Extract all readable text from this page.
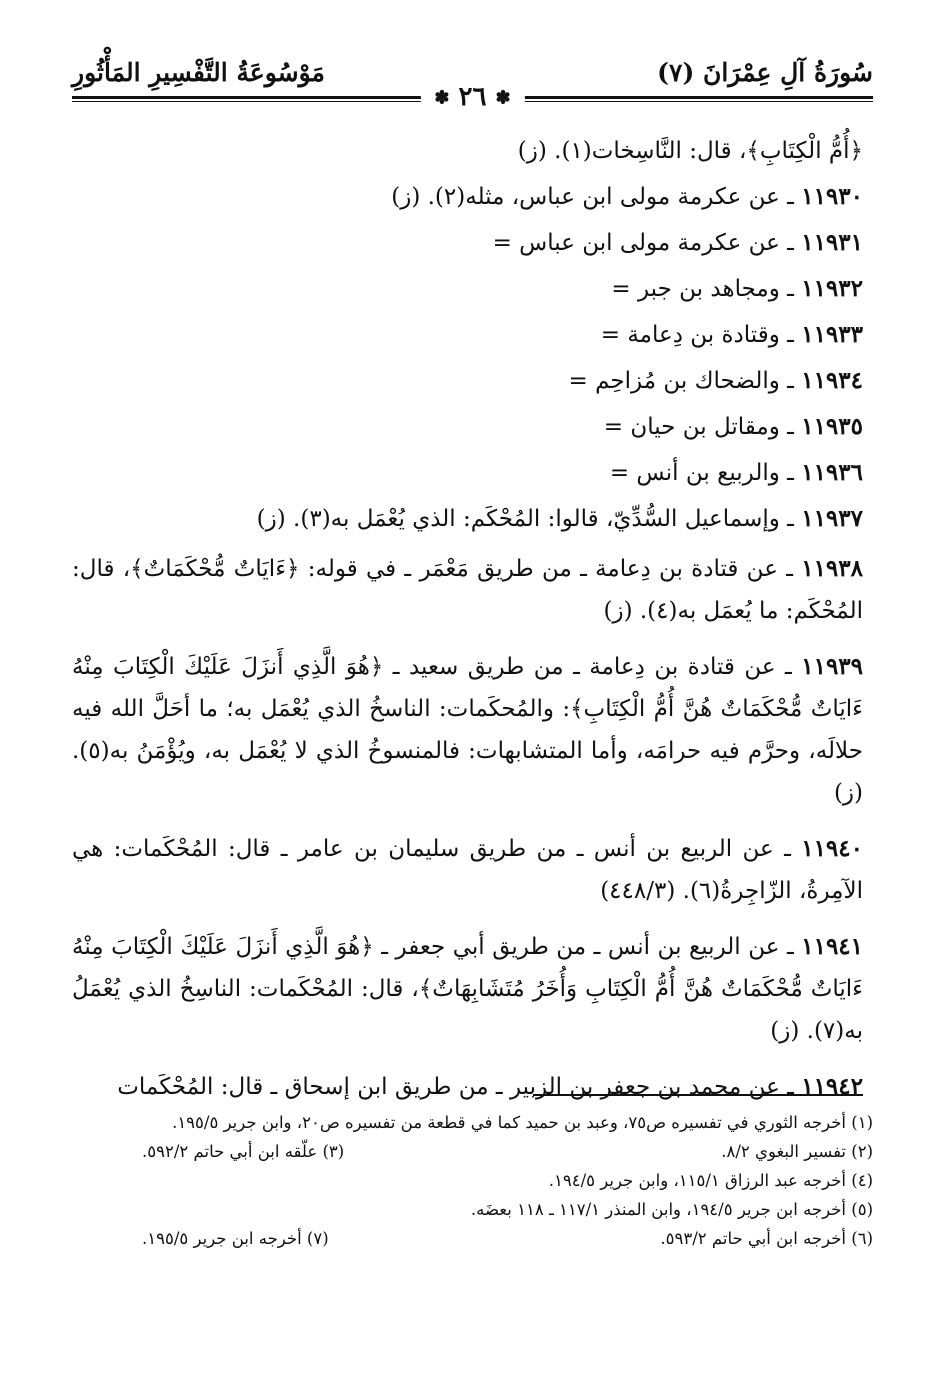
سُورَةُ آلِ عِمْرَانَ (٧)
مَوْسُوعَةُ التَّفْسِيرِ المَأْثُورِ
✽ ٢٦ ✽
﴿أُمُّ الْكِتَابِ﴾، قال: النَّاسِخات(١). (ز)
١١٩٣٠ ـ عن عكرمة مولى ابن عباس، مثله(٢). (ز)
١١٩٣١ ـ عن عكرمة مولى ابن عباس =
١١٩٣٢ ـ ومجاهد بن جبر =
١١٩٣٣ ـ وقتادة بن دِعامة =
١١٩٣٤ ـ والضحاك بن مُزاحِم =
١١٩٣٥ ـ ومقاتل بن حيان =
١١٩٣٦ ـ والربيع بن أنس =
١١٩٣٧ ـ وإسماعيل السُّدِّيّ، قالوا: المُحْكَم: الذي يُعْمَل به(٣). (ز)
١١٩٣٨ ـ عن قتادة بن دِعامة ـ من طريق مَعْمَر ـ في قوله: ﴿ءَايَاتٌ مُّحْكَمَاتٌ﴾، قال: المُحْكَم: ما يُعمَل به(٤). (ز)
١١٩٣٩ ـ عن قتادة بن دِعامة ـ من طريق سعيد ـ ﴿هُوَ الَّذِي أَنزَلَ عَلَيْكَ الْكِتَابَ مِنْهُ ءَايَاتٌ مُّحْكَمَاتٌ هُنَّ أُمُّ الْكِتَابِ﴾: والمُحكَمات: الناسخُ الذي يُعْمَل به؛ ما أحَلَّ الله فيه حلالَه، وحرَّم فيه حرامَه، وأما المتشابهات: فالمنسوخُ الذي لا يُعْمَل به، ويُؤْمَنُ به(٥). (ز)
١١٩٤٠ ـ عن الربيع بن أنس ـ من طريق سليمان بن عامر ـ قال: المُحْكَمات: هي الآمِرةُ، الزّاجِرةُ(٦). (٤٤٨/٣)
١١٩٤١ ـ عن الربيع بن أنس ـ من طريق أبي جعفر ـ ﴿هُوَ الَّذِي أَنزَلَ عَلَيْكَ الْكِتَابَ مِنْهُ ءَايَاتٌ مُّحْكَمَاتٌ هُنَّ أُمُّ الْكِتَابِ وَأُخَرُ مُتَشَابِهَاتٌ﴾، قال: المُحْكَمات: الناسِخُ الذي يُعْمَلُ به(٧). (ز)
١١٩٤٢ ـ عن محمد بن جعفر بن الزبير ـ من طريق ابن إسحاق ـ قال: المُحْكَمات
(١) أخرجه الثوري في تفسيره ص٧٥، وعبد بن حميد كما في قطعة من تفسيره ص٢٠، وابن جرير ١٩٥/٥.
(٢) تفسير البغوي ٨/٢.
(٣) علّقه ابن أبي حاتم ٥٩٢/٢.
(٤) أخرجه عبد الرزاق ١١٥/١، وابن جرير ١٩٤/٥.
(٥) أخرجه ابن جرير ١٩٤/٥، وابن المنذر ١١٧/١ ـ ١١٨ بعضَه.
(٦) أخرجه ابن أبي حاتم ٥٩٣/٢.
(٧) أخرجه ابن جرير ١٩٥/٥.
